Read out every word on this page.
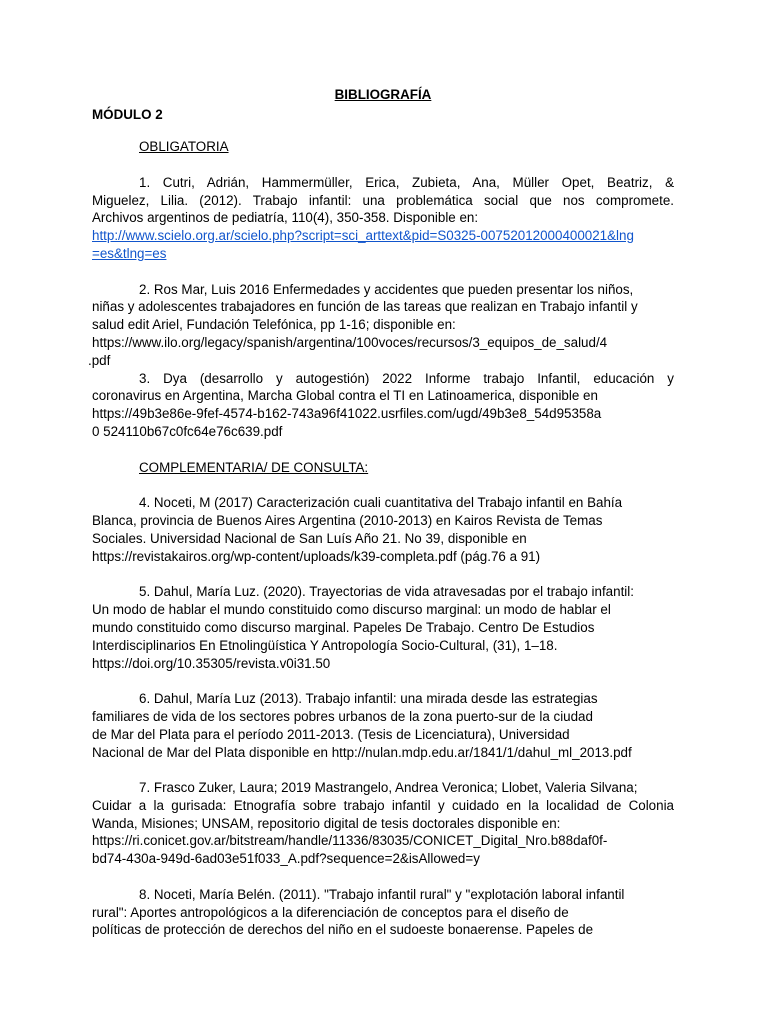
BIBLIOGRAFÍA

MÓDULO 2

OBLIGATORIA

1. Cutri, Adrián, Hammermüller, Erica, Zubieta, Ana, Müller Opet, Beatriz, &
Miguelez, Lilia. (2012). Trabajo infantil: una problemática social que nos compromete.
Archivos argentinos de pediatría, 110(4), 350-358. Disponible en:
http://www.scielo.org.ar/scielo.php?script=sci_arttext&pid=S0325-00752012000400021&lng
=es&tlng=es
2. Ros Mar, Luis 2016 Enfermedades y accidentes que pueden presentar los niños,
niñas y adolescentes trabajadores en función de las tareas que realizan en Trabajo infantil y
salud edit Ariel, Fundación Telefónica, pp 1-16; disponible en:
https://www.ilo.org/legacy/spanish/argentina/100voces/recursos/3_equipos_de_salud/4
.pdf
3. Dya (desarrollo y autogestión) 2022 Informe trabajo Infantil, educación y
coronavirus en Argentina, Marcha Global contra el TI en Latinoamerica, disponible en
https://49b3e86e-9fef-4574-b162-743a96f41022.usrfiles.com/ugd/49b3e8_54d95358a
0 524110b67c0fc64e76c639.pdf

COMPLEMENTARIA/ DE CONSULTA:

4. Noceti, M (2017) Caracterización cuali cuantitativa del Trabajo infantil en Bahía
Blanca, provincia de Buenos Aires Argentina (2010-2013) en Kairos Revista de Temas
Sociales. Universidad Nacional de San Luís Año 21. No 39, disponible en
https://revistakairos.org/wp-content/uploads/k39-completa.pdf (pág.76 a 91)
5. Dahul, María Luz. (2020). Trayectorias de vida atravesadas por el trabajo infantil:
Un modo de hablar el mundo constituido como discurso marginal: un modo de hablar el
mundo constituido como discurso marginal. Papeles De Trabajo. Centro De Estudios
Interdisciplinarios En Etnolingüística Y Antropología Socio-Cultural, (31), 1–18.
https://doi.org/10.35305/revista.v0i31.50
6. Dahul, María Luz (2013). Trabajo infantil: una mirada desde las estrategias
familiares de vida de los sectores pobres urbanos de la zona puerto-sur de la ciudad
de Mar del Plata para el período 2011-2013. (Tesis de Licenciatura), Universidad
Nacional de Mar del Plata disponible en http://nulan.mdp.edu.ar/1841/1/dahul_ml_2013.pdf
7. Frasco Zuker, Laura; 2019 Mastrangelo, Andrea Veronica; Llobet, Valeria Silvana;
Cuidar a la gurisada: Etnografía sobre trabajo infantil y cuidado en la localidad de Colonia
Wanda, Misiones; UNSAM, repositorio digital de tesis doctorales disponible en:
https://ri.conicet.gov.ar/bitstream/handle/11336/83035/CONICET_Digital_Nro.b88daf0f-
bd74-430a-949d-6ad03e51f033_A.pdf?sequence=2&isAllowed=y
8. Noceti, María Belén. (2011). "Trabajo infantil rural" y "explotación laboral infantil
rural": Aportes antropológicos a la diferenciación de conceptos para el diseño de
políticas de protección de derechos del niño en el sudoeste bonaerense. Papeles de
